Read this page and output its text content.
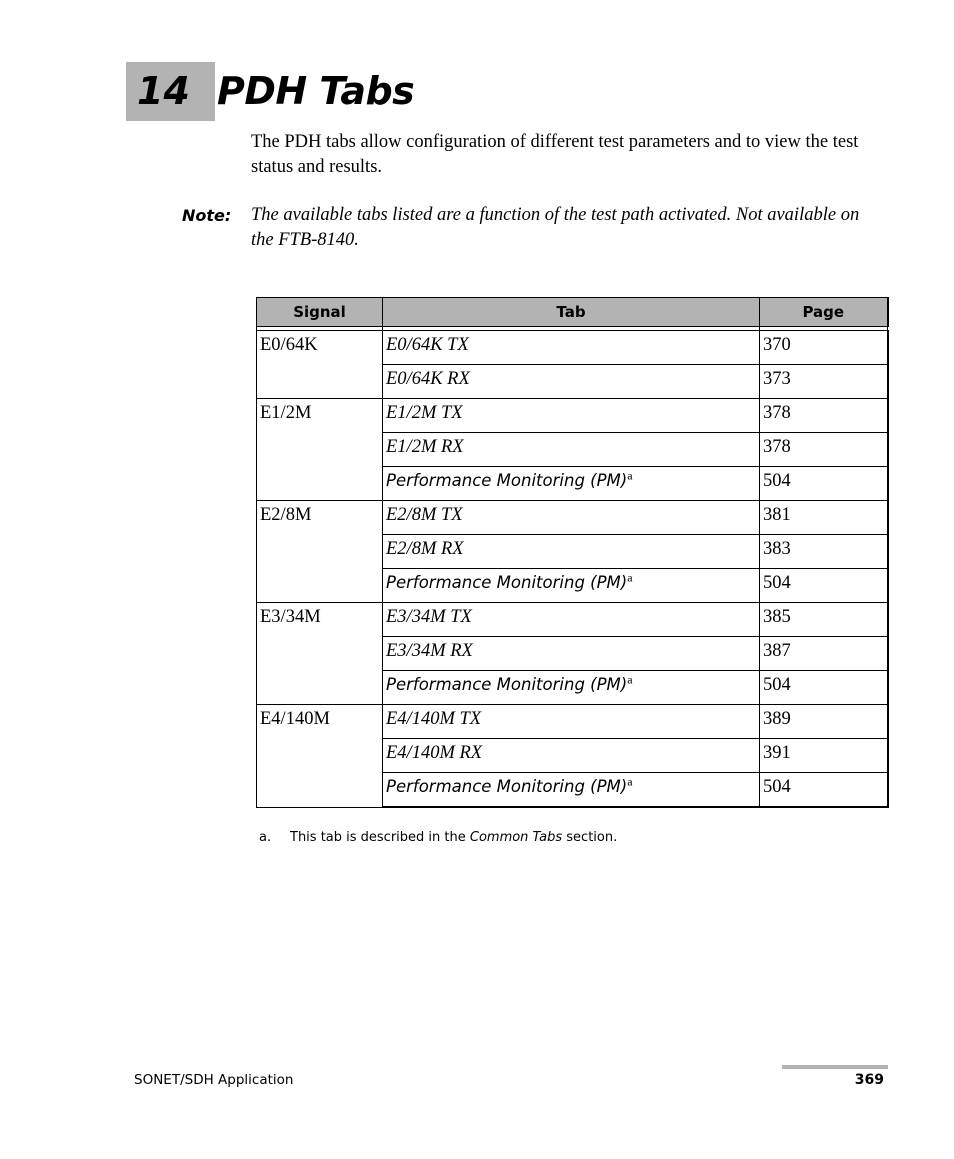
14 PDH Tabs
The PDH tabs allow configuration of different test parameters and to view the test status and results.
Note: The available tabs listed are a function of the test path activated. Not available on the FTB-8140.
Signal	Tab	Page

E0/64K	E0/64K TX	370
	E0/64K RX	373
E1/2M	E1/2M TX	378
	E1/2M RX	378
	Performance Monitoring (PM)$^a$	504
E2/8M	E2/8M TX	381
	E2/8M RX	383
	Performance Monitoring (PM)$^a$	504
E3/34M	E3/34M TX	385
	E3/34M RX	387
	Performance Monitoring (PM)$^a$	504
E4/140M	E4/140M TX	389
	E4/140M RX	391
	Performance Monitoring (PM)$^a$	504
a. This tab is described in the Common Tabs section.
SONET/SDH Application	369
